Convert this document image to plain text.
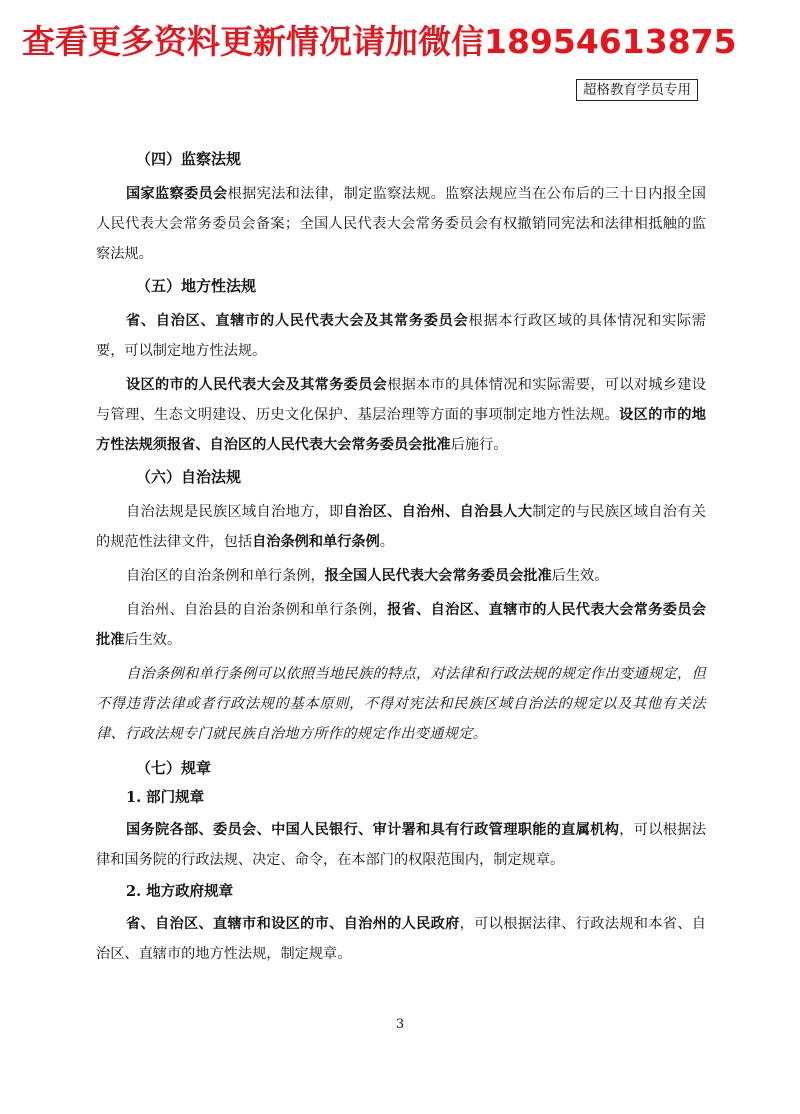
查看更多资料更新情况请加微信18954613875
超格教育学员专用
（四）监察法规

国家监察委员会根据宪法和法律，制定监察法规。监察法规应当在公布后的三十日内报全国人民代表大会常务委员会备案；全国人民代表大会常务委员会有权撤销同宪法和法律相抵触的监察法规。

（五）地方性法规

省、自治区、直辖市的人民代表大会及其常务委员会根据本行政区域的具体情况和实际需要，可以制定地方性法规。

设区的市的人民代表大会及其常务委员会根据本市的具体情况和实际需要，可以对城乡建设与管理、生态文明建设、历史文化保护、基层治理等方面的事项制定地方性法规。设区的市的地方性法规须报省、自治区的人民代表大会常务委员会批准后施行。

（六）自治法规

自治法规是民族区域自治地方，即自治区、自治州、自治县人大制定的与民族区域自治有关的规范性法律文件，包括自治条例和单行条例。

自治区的自治条例和单行条例，报全国人民代表大会常务委员会批准后生效。

自治州、自治县的自治条例和单行条例，报省、自治区、直辖市的人民代表大会常务委员会批准后生效。

自治条例和单行条例可以依照当地民族的特点，对法律和行政法规的规定作出变通规定，但不得违背法律或者行政法规的基本原则，不得对宪法和民族区域自治法的规定以及其他有关法律、行政法规专门就民族自治地方所作的规定作出变通规定。

（七）规章
1. 部门规章

国务院各部、委员会、中国人民银行、审计署和具有行政管理职能的直属机构，可以根据法律和国务院的行政法规、决定、命令，在本部门的权限范围内，制定规章。

2. 地方政府规章

省、自治区、直辖市和设区的市、自治州的人民政府，可以根据法律、行政法规和本省、自治区、直辖市的地方性法规，制定规章。

3
